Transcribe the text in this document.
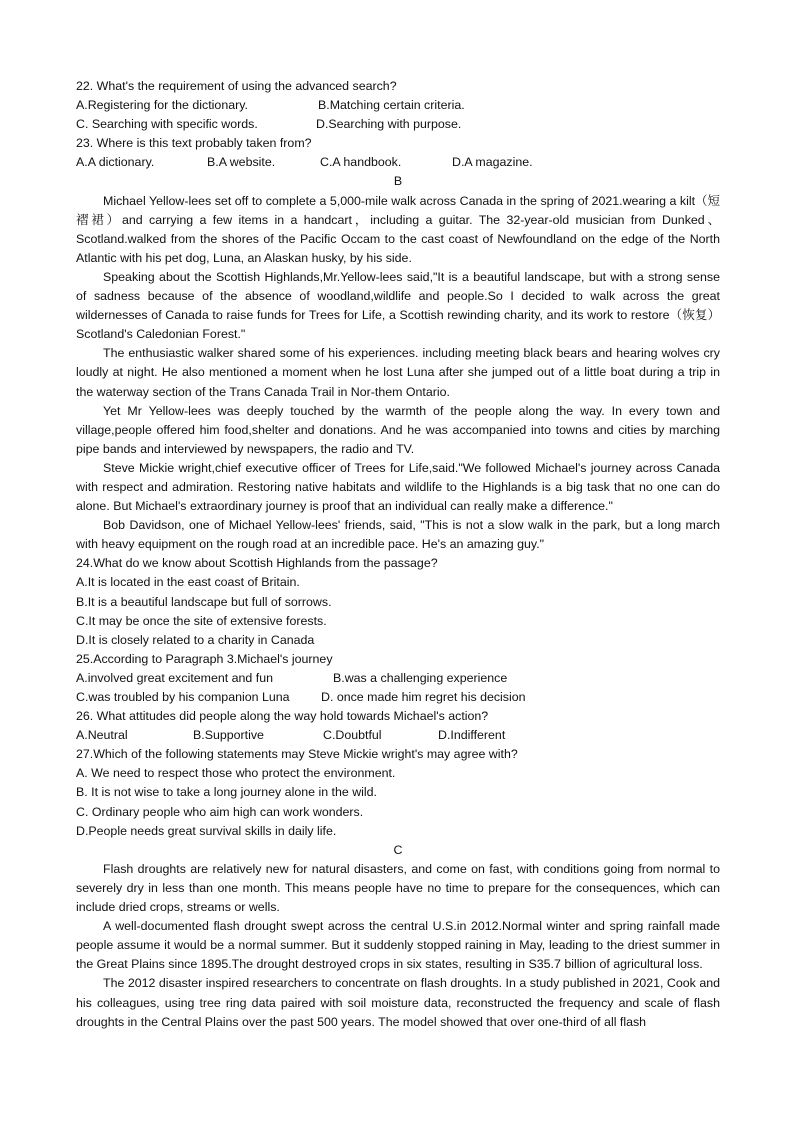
22. What's the requirement of using the advanced search?
A.Registering for the dictionary.	B.Matching certain criteria.
C. Searching with specific words.	D.Searching with purpose.
23. Where is this text probably taken from?
A.A dictionary.	B.A website.	C.A handbook.	D.A magazine.
B
Michael Yellow-lees set off to complete a 5,000-mile walk across Canada in the spring of 2021.wearing a kilt（短褶裙）and carrying a few items in a handcart，including a guitar. The 32-year-old musician from Dunked、Scotland.walked from the shores of the Pacific Occam to the cast coast of Newfoundland on the edge of the North Atlantic with his pet dog, Luna, an Alaskan husky, by his side.
Speaking about the Scottish Highlands,Mr.Yellow-lees said,"It is a beautiful landscape, but with a strong sense of sadness because of the absence of woodland,wildlife and people.So I decided to walk across the great wildernesses of Canada to raise funds for Trees for Life, a Scottish rewinding charity, and its work to restore（恢复）Scotland's Caledonian Forest."
The enthusiastic walker shared some of his experiences. including meeting black bears and hearing wolves cry loudly at night. He also mentioned a moment when he lost Luna after she jumped out of a little boat during a trip in the waterway section of the Trans Canada Trail in Nor-them Ontario.
Yet Mr Yellow-lees was deeply touched by the warmth of the people along the way. In every town and village,people offered him food,shelter and donations. And he was accompanied into towns and cities by marching pipe bands and interviewed by newspapers, the radio and TV.
Steve Mickie wright,chief executive officer of Trees for Life,said."We followed Michael's journey across Canada with respect and admiration. Restoring native habitats and wildlife to the Highlands is a big task that no one can do alone. But Michael's extraordinary journey is proof that an individual can really make a difference."
Bob Davidson, one of Michael Yellow-lees' friends, said, "This is not a slow walk in the park, but a long march with heavy equipment on the rough road at an incredible pace. He's an amazing guy."
24.What do we know about Scottish Highlands from the passage?
A.It is located in the east coast of Britain.
B.It is a beautiful landscape but full of sorrows.
C.It may be once the site of extensive forests.
D.It is closely related to a charity in Canada
25.According to Paragraph 3.Michael's journey
A.involved great excitement and fun	B.was a challenging experience
C.was troubled by his companion Luna	D. once made him regret his decision
26. What attitudes did people along the way hold towards Michael's action?
A.Neutral	B.Supportive	C.Doubtful	D.Indifferent
27.Which of the following statements may Steve Mickie wright's may agree with?
A. We need to respect those who protect the environment.
B. It is not wise to take a long journey alone in the wild.
C. Ordinary people who aim high can work wonders.
D.People needs great survival skills in daily life.
C
Flash droughts are relatively new for natural disasters, and come on fast, with conditions going from normal to severely dry in less than one month. This means people have no time to prepare for the consequences, which can include dried crops, streams or wells.
A well-documented flash drought swept across the central U.S.in 2012.Normal winter and spring rainfall made people assume it would be a normal summer. But it suddenly stopped raining in May, leading to the driest summer in the Great Plains since 1895.The drought destroyed crops in six states, resulting in S35.7 billion of agricultural loss.
The 2012 disaster inspired researchers to concentrate on flash droughts. In a study published in 2021, Cook and his colleagues, using tree ring data paired with soil moisture data, reconstructed the frequency and scale of flash droughts in the Central Plains over the past 500 years. The model showed that over one-third of all flash
